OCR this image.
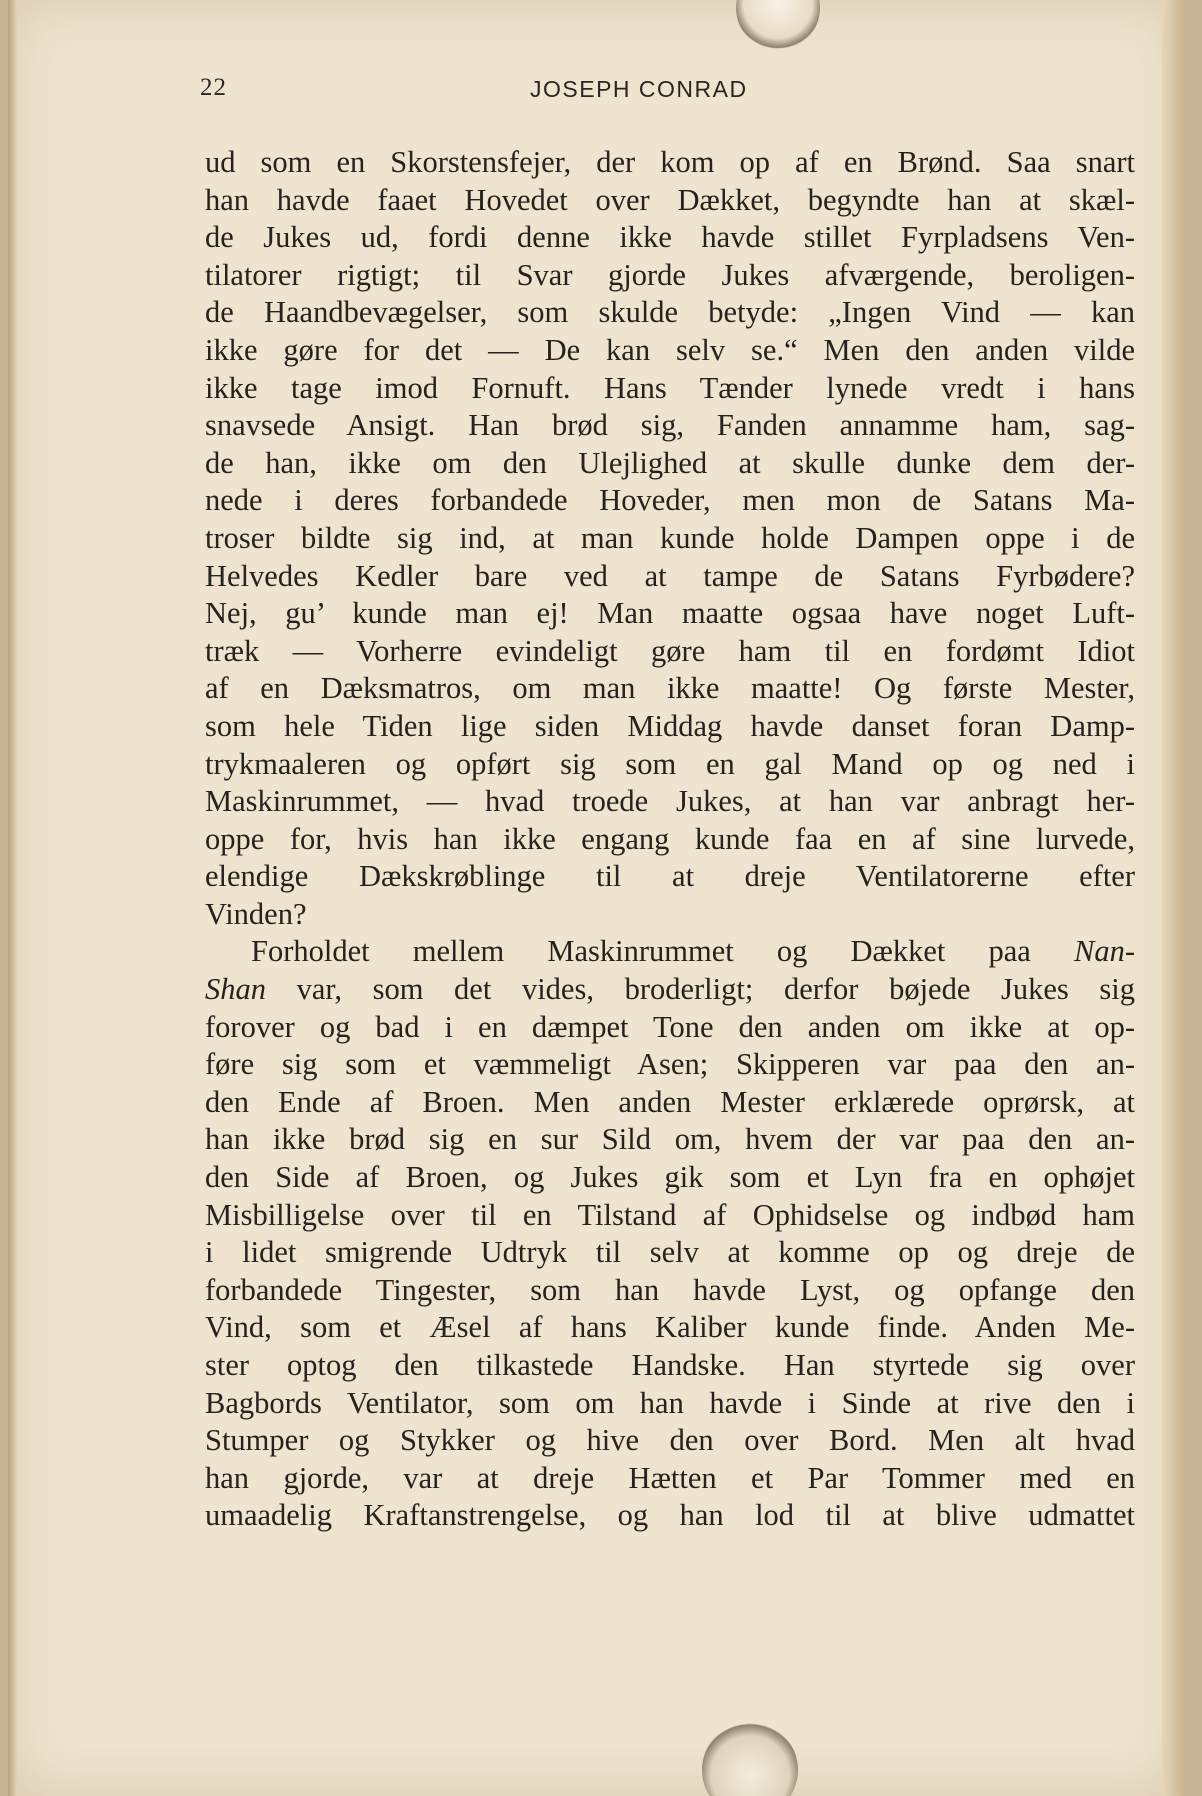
22	JOSEPH CONRAD
ud som en Skorstensfejer, der kom op af en Brønd. Saa snart
han havde faaet Hovedet over Dækket, begyndte han at skæl-
de Jukes ud, fordi denne ikke havde stillet Fyrpladsens Ven-
tilatorer rigtigt; til Svar gjorde Jukes afværgende, beroligen-
de Haandbevægelser, som skulde betyde: „Ingen Vind — kan
ikke gøre for det — De kan selv se.“ Men den anden vilde
ikke tage imod Fornuft. Hans Tænder lynede vredt i hans
snavsede Ansigt. Han brød sig, Fanden annamme ham, sag-
de han, ikke om den Ulejlighed at skulle dunke dem der-
nede i deres forbandede Hoveder, men mon de Satans Ma-
troser bildte sig ind, at man kunde holde Dampen oppe i de
Helvedes Kedler bare ved at tampe de Satans Fyrbødere?
Nej, gu’ kunde man ej! Man maatte ogsaa have noget Luft-
træk — Vorherre evindeligt gøre ham til en fordømt Idiot
af en Dæksmatros, om man ikke maatte! Og første Mester,
som hele Tiden lige siden Middag havde danset foran Damp-
trykmaaleren og opført sig som en gal Mand op og ned i
Maskinrummet, — hvad troede Jukes, at han var anbragt her-
oppe for, hvis han ikke engang kunde faa en af sine lurvede,
elendige Dækskrøblinge til at dreje Ventilatorerne efter
Vinden?
Forholdet mellem Maskinrummet og Dækket paa Nan-
Shan var, som det vides, broderligt; derfor bøjede Jukes sig
forover og bad i en dæmpet Tone den anden om ikke at op-
føre sig som et væmmeligt Asen; Skipperen var paa den an-
den Ende af Broen. Men anden Mester erklærede oprørsk, at
han ikke brød sig en sur Sild om, hvem der var paa den an-
den Side af Broen, og Jukes gik som et Lyn fra en ophøjet
Misbilligelse over til en Tilstand af Ophidselse og indbød ham
i lidet smigrende Udtryk til selv at komme op og dreje de
forbandede Tingester, som han havde Lyst, og opfange den
Vind, som et Æsel af hans Kaliber kunde finde. Anden Me-
ster optog den tilkastede Handske. Han styrtede sig over
Bagbords Ventilator, som om han havde i Sinde at rive den i
Stumper og Stykker og hive den over Bord. Men alt hvad
han gjorde, var at dreje Hætten et Par Tommer med en
umaadelig Kraftanstrengelse, og han lod til at blive udmattet
